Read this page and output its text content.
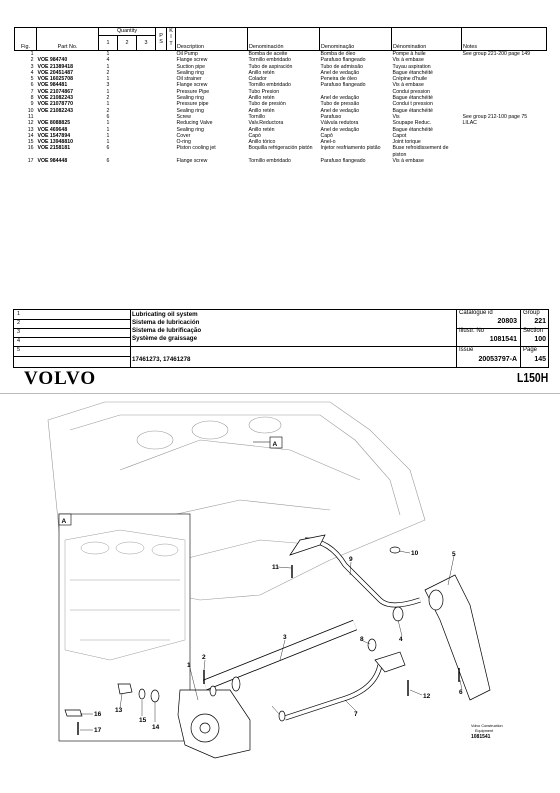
Fig.	Part No.	Quantity			P S	K I T	Description	Denominación	Denominação	Dénomination	Notes
		1	2	3							
1		1					Oil Pump	Bomba de aceite	Bomba de óleo	Pompe à huile	See group 221-200 page 149
2	VOE 984740	4					Flange screw	Tornillo embridado	Parafuso flangeado	Vis à embase	
3	VOE 21389418	1					Suction pipe	Tubo de aspiración	Tubo de admissão	Tuyau aspiration	
4	VOE 20451487	2					Sealing ring	Anillo retén	Anel de vedação	Bague étanchéité	
5	VOE 16025708	1					Oil strainer	Colador	Peneira de óleo	Crépine d'huile	
6	VOE 984481	3					Flange screw	Tornillo embridado	Parafuso flangeado	Vis à embase	
7	VOE 21074867	1					Pressure Pipe	Tubo Presion		Condui pression	
8	VOE 21082243	2					Sealing ring	Anillo retén	Anel de vedação	Bague étanchéité	
9	VOE 21078770	1					Pressure pipe	Tubo de presión	Tubo de pressão	Condui t pression	
10	VOE 21082243	2					Sealing ring	Anillo retén	Anel de vedação	Bague étanchéité	
11		6					Screw	Tornillo	Parafuso	Vis	See group 212-100 page 75
12	VOE 8088825	1					Reducing Valve	Valv.Reductora	Válvula redutora	Soupape Reduc.	LILAC
13	VOE 469648	1					Sealing ring	Anillo retén	Anel de vedação	Bague étanchéité	
14	VOE 1547894	1					Cover	Capó	Capô	Capot	
15	VOE 13948810	1					O-ring	Anillo tórico	Anel-o	Joint torique	
16	VOE 2158181	6					Piston cooling jet	Boquilla refrigeración pistón	Injetor resfriamento pistão	Buse refroidissement de piston	
17	VOE 984448	6					Flange screw	Tornillo embridado	Parafuso flangeado	Vis à embase	
1
2
3
4
5
Lubricating oil system
Sistema de lubricación
Sistema de lubrificação
Système de graissage
17461273, 17461278
Catalogue id
20803
Group
221
Illustr. No
1081541
Section
100
Issue
20053797-A
Page
145
VOLVO	L150H
A
A
1
2
3	4
5
6
7
8
9
10
11
12
13
14
15
16
17
Volvo Construction
Equipment
1081541
